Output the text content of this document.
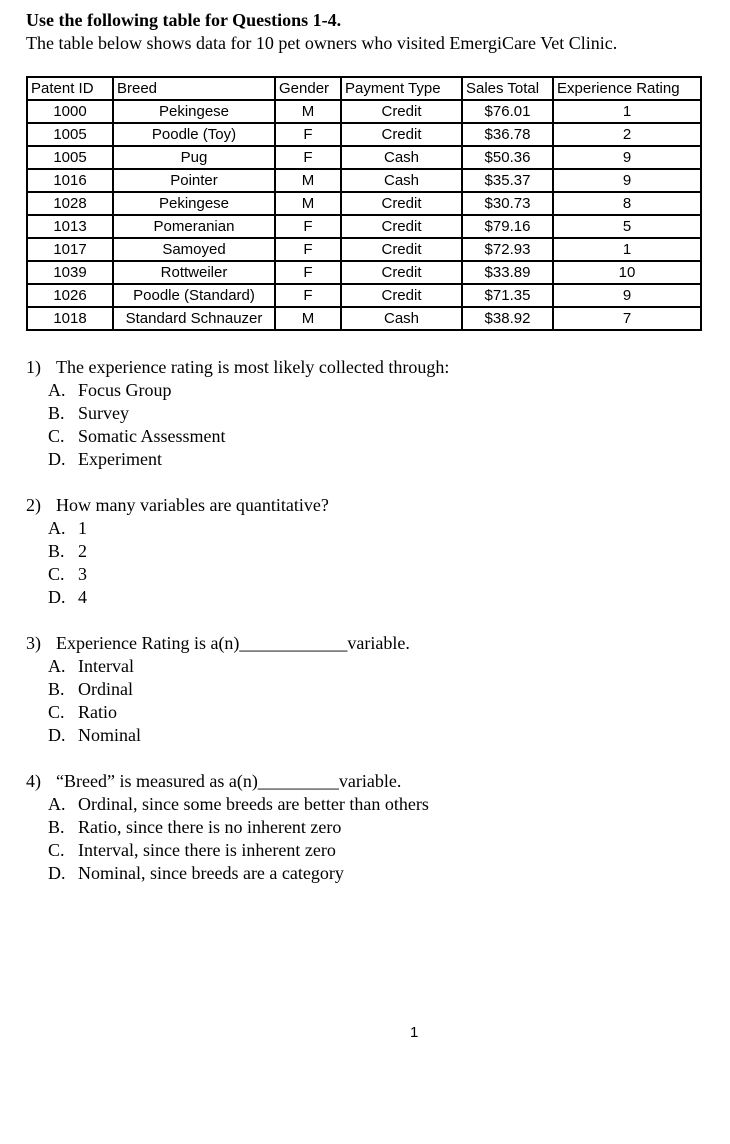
Use the following table for Questions 1-4.
The table below shows data for 10 pet owners who visited EmergiCare Vet Clinic.
Patent ID	Breed	Gender	Payment Type	Sales Total	Experience Rating
1000	Pekingese	M	Credit	$76.01	1
1005	Poodle (Toy)	F	Credit	$36.78	2
1005	Pug	F	Cash	$50.36	9
1016	Pointer	M	Cash	$35.37	9
1028	Pekingese	M	Credit	$30.73	8
1013	Pomeranian	F	Credit	$79.16	5
1017	Samoyed	F	Credit	$72.93	1
1039	Rottweiler	F	Credit	$33.89	10
1026	Poodle (Standard)	F	Credit	$71.35	9
1018	Standard Schnauzer	M	Cash	$38.92	7
1) The experience rating is most likely collected through:
A. Focus Group
B. Survey
C. Somatic Assessment
D. Experiment
2) How many variables are quantitative?
A. 1
B. 2
C. 3
D. 4
3) Experience Rating is a(n)____________variable.
A. Interval
B. Ordinal
C. Ratio
D. Nominal
4) “Breed” is measured as a(n)_________variable.
A. Ordinal, since some breeds are better than others
B. Ratio, since there is no inherent zero
C. Interval, since there is inherent zero
D. Nominal, since breeds are a category
1
